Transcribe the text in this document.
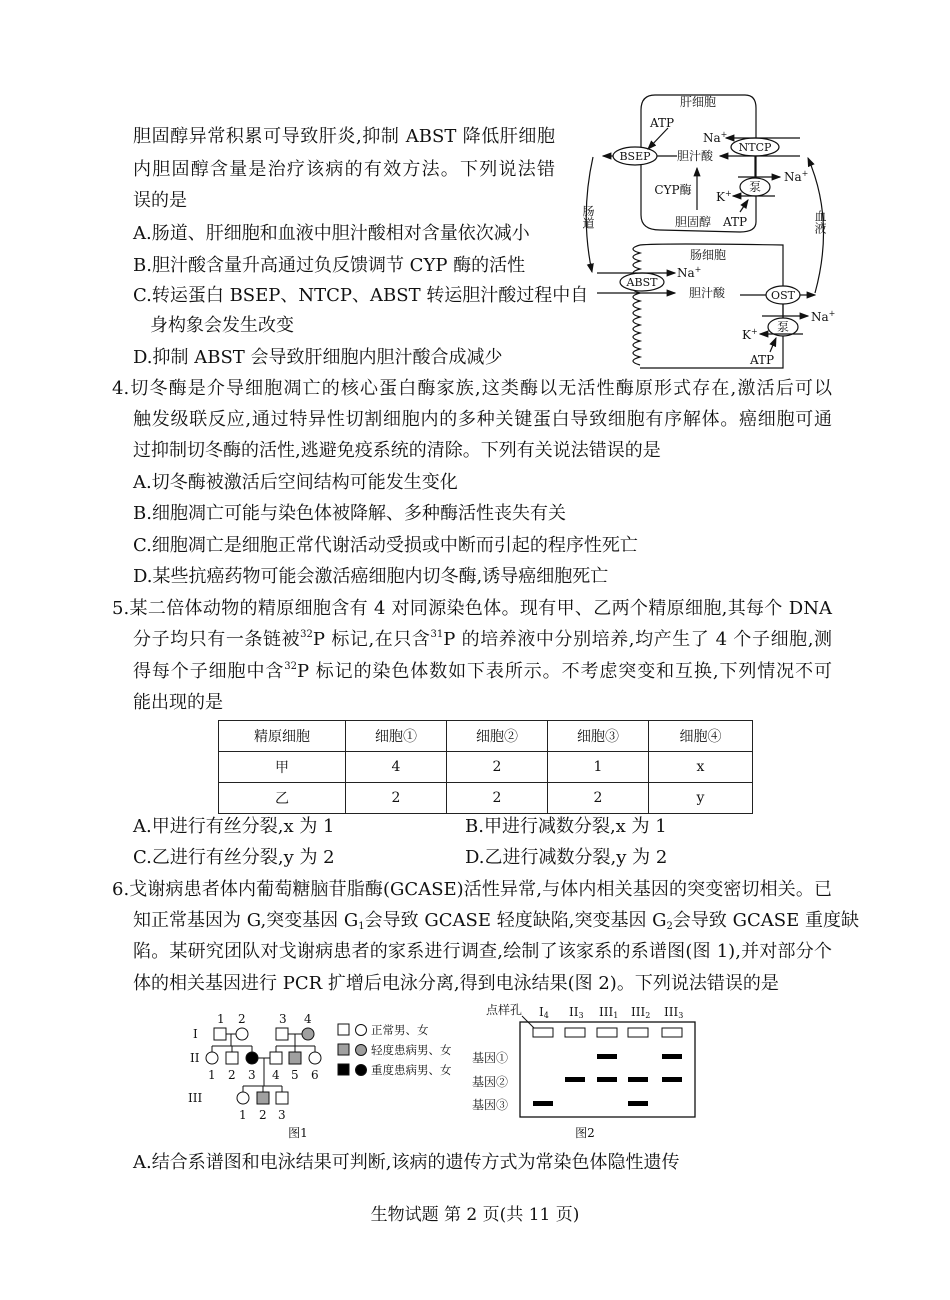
肝细胞
ATP
BSEP 胆汁酸
NTCP
Na+
泵
Na+
K+
CYP酶
胆固醇 ATP
肠道	血液
肠细胞
ABST
Na+
胆汁酸	OST
泵
Na+
K+
ATP
I
II
III
1 2	3 4
1 2 3 4 5 6
1 2 3
正常男、女
轻度患病男、女
重度患病男、女
图1
点样孔 I4 II3 III1 III2 III3
基因①
基因②
基因③
图2
胆固醇异常积累可导致肝炎,抑制 ABST 降低肝细胞
内胆固醇含量是治疗该病的有效方法。下列说法错
误的是
A.肠道、肝细胞和血液中胆汁酸相对含量依次减小
B.胆汁酸含量升高通过负反馈调节 CYP 酶的活性
C.转运蛋白 BSEP、NTCP、ABST 转运胆汁酸过程中自
身构象会发生改变
D.抑制 ABST 会导致肝细胞内胆汁酸合成减少
4.切冬酶是介导细胞凋亡的核心蛋白酶家族,这类酶以无活性酶原形式存在,激活后可以
触发级联反应,通过特异性切割细胞内的多种关键蛋白导致细胞有序解体。癌细胞可通
过抑制切冬酶的活性,逃避免疫系统的清除。下列有关说法错误的是
A.切冬酶被激活后空间结构可能发生变化
B.细胞凋亡可能与染色体被降解、多种酶活性丧失有关
C.细胞凋亡是细胞正常代谢活动受损或中断而引起的程序性死亡
D.某些抗癌药物可能会激活癌细胞内切冬酶,诱导癌细胞死亡
5.某二倍体动物的精原细胞含有 4 对同源染色体。现有甲、乙两个精原细胞,其每个 DNA
分子均只有一条链被$^{32}$P 标记,在只含$^{31}$P 的培养液中分别培养,均产生了 4 个子细胞,测
得每个子细胞中含$^{32}$P 标记的染色体数如下表所示。不考虑突变和互换,下列情况不可
能出现的是
精原细胞	细胞①	细胞②	细胞③	细胞④
甲	4	2	1	x
乙	2	2	2	y
A.甲进行有丝分裂,x 为 1	B.甲进行减数分裂,x 为 1
C.乙进行有丝分裂,y 为 2	D.乙进行减数分裂,y 为 2
6.戈谢病患者体内葡萄糖脑苷脂酶(GCASE)活性异常,与体内相关基因的突变密切相关。已
知正常基因为 G,突变基因 $G_1$会导致 GCASE 轻度缺陷,突变基因 $G_2$会导致 GCASE 重度缺
陷。某研究团队对戈谢病患者的家系进行调查,绘制了该家系的系谱图(图 1),并对部分个
体的相关基因进行 PCR 扩增后电泳分离,得到电泳结果(图 2)。下列说法错误的是
A.结合系谱图和电泳结果可判断,该病的遗传方式为常染色体隐性遗传
生物试题 第 2 页(共 11 页)
